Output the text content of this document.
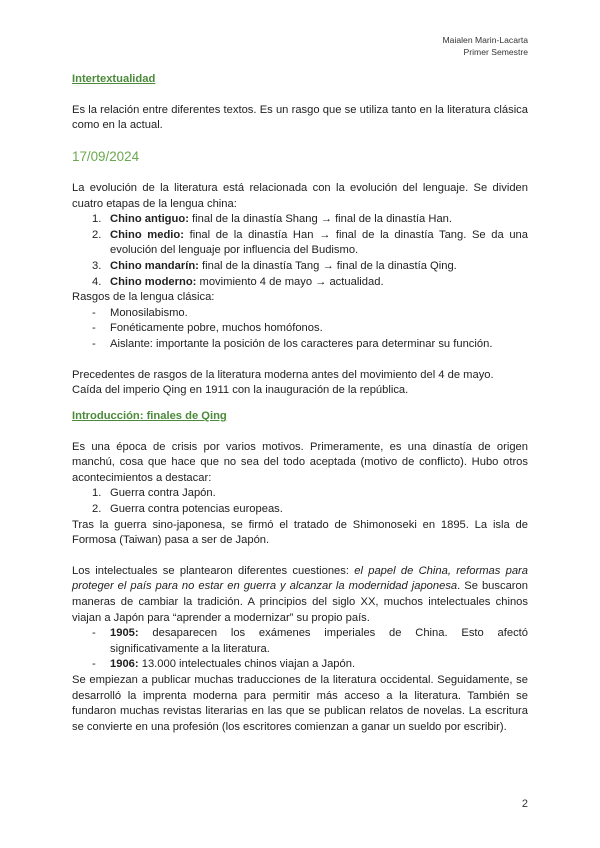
Maialen Marin-Lacarta
Primer Semestre

Intertextualidad

Es la relación entre diferentes textos. Es un rasgo que se utiliza tanto en la literatura clásica como en la actual.

17/09/2024

La evolución de la literatura está relacionada con la evolución del lenguaje. Se dividen cuatro etapas de la lengua china:

1. Chino antiguo: final de la dinastía Shang → final de la dinastía Han.
2. Chino medio: final de la dinastía Han → final de la dinastía Tang. Se da una evolución del lenguaje por influencia del Budismo.
3. Chino mandarín: final de la dinastía Tang → final de la dinastía Qing.
4. Chino moderno: movimiento 4 de mayo → actualidad.

Rasgos de la lengua clásica:

- Monosilabismo.
- Fonéticamente pobre, muchos homófonos.
- Aislante: importante la posición de los caracteres para determinar su función.

Precedentes de rasgos de la literatura moderna antes del movimiento del 4 de mayo.

Caída del imperio Qing en 1911 con la inauguración de la república.

Introducción: finales de Qing

Es una época de crisis por varios motivos. Primeramente, es una dinastía de origen manchú, cosa que hace que no sea del todo aceptada (motivo de conflicto). Hubo otros acontecimientos a destacar:

1. Guerra contra Japón.
2. Guerra contra potencias europeas.

Tras la guerra sino-japonesa, se firmó el tratado de Shimonoseki en 1895. La isla de Formosa (Taiwan) pasa a ser de Japón.

Los intelectuales se plantearon diferentes cuestiones: el papel de China, reformas para proteger el país para no estar en guerra y alcanzar la modernidad japonesa. Se buscaron maneras de cambiar la tradición. A principios del siglo XX, muchos intelectuales chinos viajan a Japón para “aprender a modernizar” su propio país.

- 1905: desaparecen los exámenes imperiales de China. Esto afectó significativamente a la literatura.
- 1906: 13.000 intelectuales chinos viajan a Japón.

Se empiezan a publicar muchas traducciones de la literatura occidental. Seguidamente, se desarrolló la imprenta moderna para permitir más acceso a la literatura. También se fundaron muchas revistas literarias en las que se publican relatos de novelas. La escritura se convierte en una profesión (los escritores comienzan a ganar un sueldo por escribir).

2
